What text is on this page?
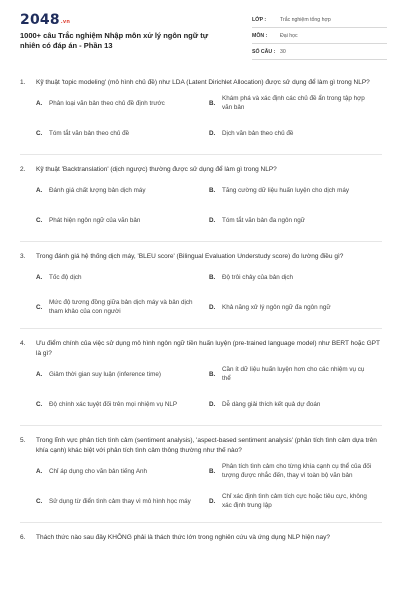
2048.vn
1000+ câu Trắc nghiệm Nhập môn xử lý ngôn ngữ tự nhiên có đáp án - Phần 13
LỚP :	Trắc nghiệm tổng hợp
MÔN :	Đại học
SỐ CÂU : 30
1.	Kỹ thuật 'topic modeling' (mô hình chủ đề) như LDA (Latent Dirichlet Allocation) được sử dụng để làm gì trong NLP?
A.	Phân loại văn bản theo chủ đề định trước	B.
Khám phá và xác định các chủ đề ẩn trong tập hợp văn bản
C.	Tóm tắt văn bản theo chủ đề	D.	Dịch văn bản theo chủ đề
2.	Kỹ thuật 'Backtranslation' (dịch ngược) thường được sử dụng để làm gì trong NLP?
A.	Đánh giá chất lượng bản dịch máy	B.	Tăng cường dữ liệu huấn luyện cho dịch máy
C.	Phát hiện ngôn ngữ của văn bản	D.	Tóm tắt văn bản đa ngôn ngữ
3.	Trong đánh giá hệ thống dịch máy, 'BLEU score' (Bilingual Evaluation Understudy score) đo lường điều gì?
A.	Tốc độ dịch	B.	Độ trôi chảy của bản dịch
C.
Mức độ tương đồng giữa bản dịch máy và bản dịch tham khảo của con người
D.	Khả năng xử lý ngôn ngữ đa ngôn ngữ
4.	Ưu điểm chính của việc sử dụng mô hình ngôn ngữ tiền huấn luyện (pre-trained language model) như BERT hoặc GPT là gì?
A.	Giảm thời gian suy luận (inference time)	B.
Cần ít dữ liệu huấn luyện hơn cho các nhiệm vụ cụ thể
C.	Độ chính xác tuyệt đối trên mọi nhiệm vụ NLP	D.	Dễ dàng giải thích kết quả dự đoán
5.	Trong lĩnh vực phân tích tình cảm (sentiment analysis), 'aspect-based sentiment analysis' (phân tích tình cảm dựa trên khía cạnh) khác biệt với phân tích tình cảm thông thường như thế nào?
A.	Chỉ áp dụng cho văn bản tiếng Anh	B.
Phân tích tình cảm cho từng khía cạnh cụ thể của đối tượng được nhắc đến, thay vì toàn bộ văn bản
C.	Sử dụng từ điển tình cảm thay vì mô hình học máy	D.
Chỉ xác định tình cảm tích cực hoặc tiêu cực, không xác định trung lập
6.	Thách thức nào sau đây KHÔNG phải là thách thức lớn trong nghiên cứu và ứng dụng NLP hiện nay?
